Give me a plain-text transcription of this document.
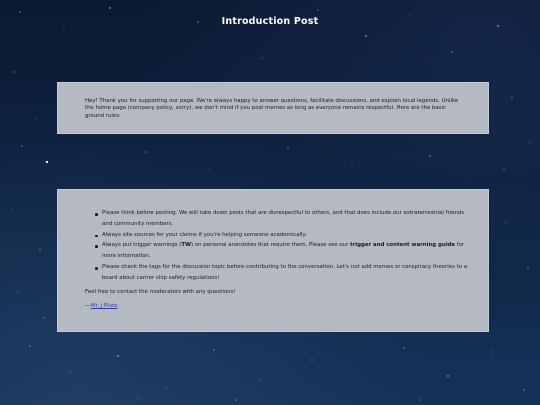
Introduction Post
Hey! Thank you for supporting our page. We're always happy to answer questions, facilitate discussions, and explain local legends. Unlike the home page (company policy, sorry), we don't mind if you post memes as long as everyone remains respectful. Here are the basic ground rules:
Please think before posting. We will take down posts that are disrespectful to others, and that does include our extraterrestrial friends and community members.
Always site sources for your claims if you're helping someone academically.
Always put trigger warnings (TW) on personal anecdotes that require them. Please see our trigger and content warning guide for more information.
Please check the tags for the discussion topic before contributing to the conversation. Let's not add memes or conspiracy theories to a board about carrier ship safety regulations!
Feel free to contact the moderators with any questions!
---Mr. J Pluto
